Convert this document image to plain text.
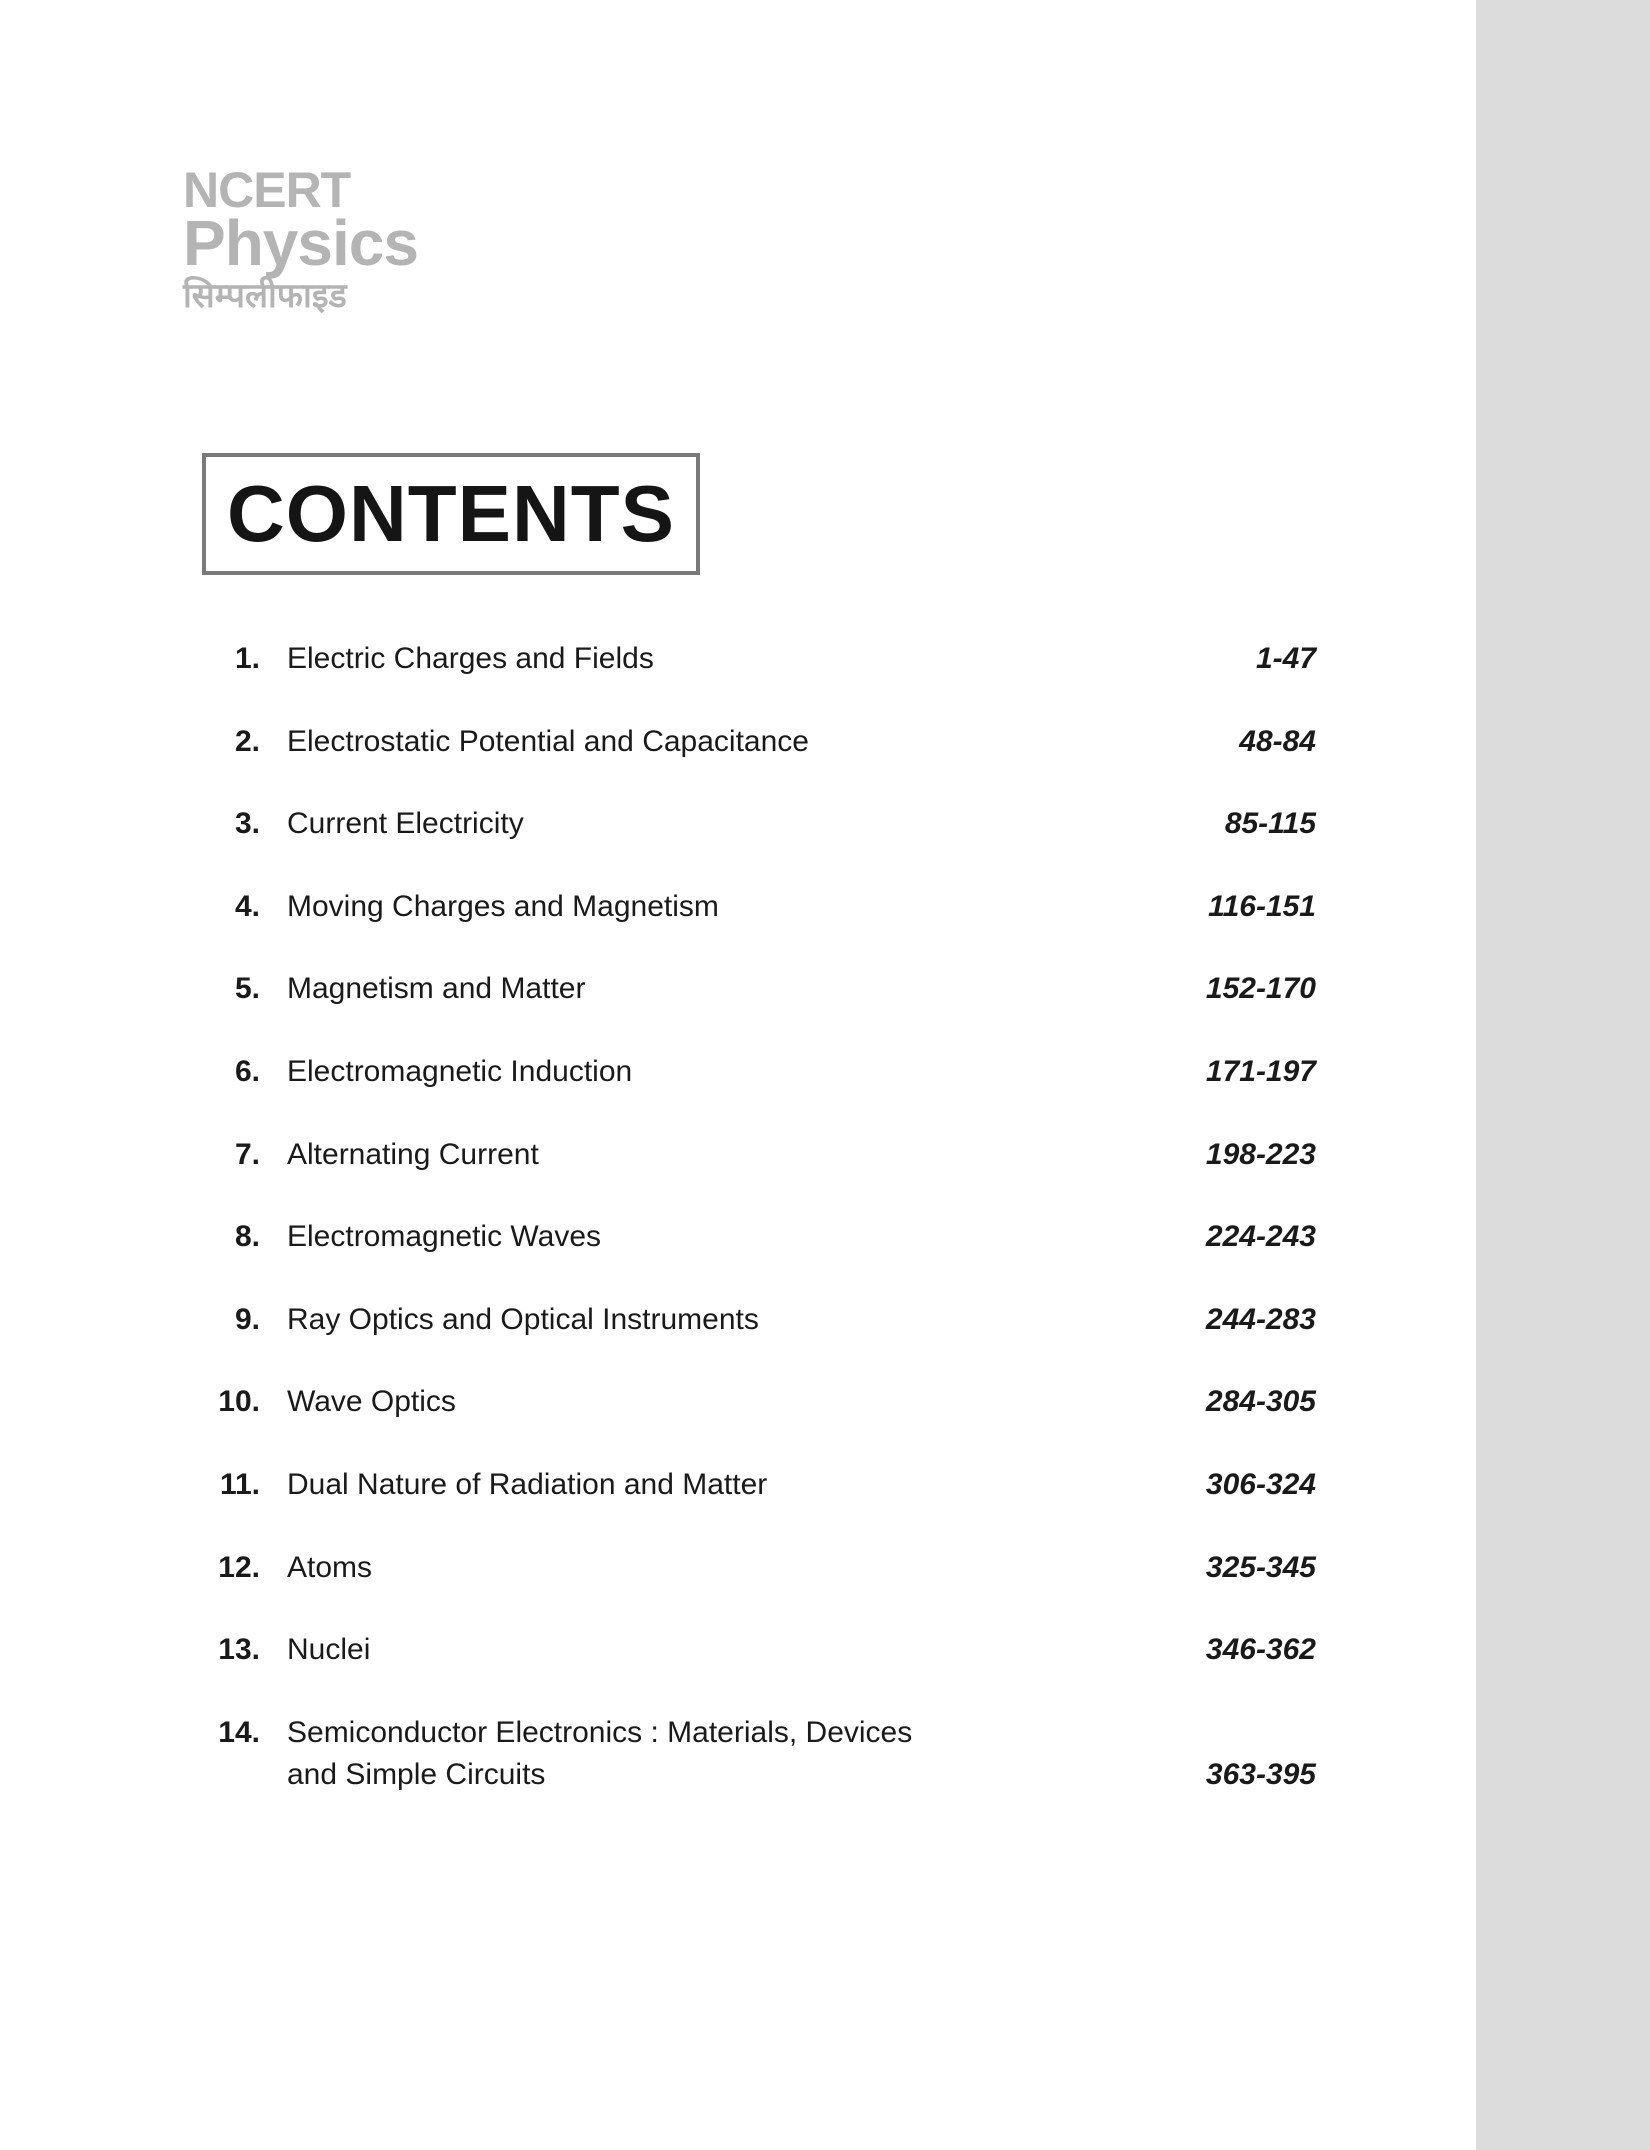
NCERT
Physics
सिम्पलीफाइड
CONTENTS
1. Electric Charges and Fields	1-47
2. Electrostatic Potential and Capacitance	48-84
3. Current Electricity	85-115
4. Moving Charges and Magnetism	116-151
5. Magnetism and Matter	152-170
6. Electromagnetic Induction	171-197
7. Alternating Current	198-223
8. Electromagnetic Waves	224-243
9. Ray Optics and Optical Instruments	244-283
10. Wave Optics	284-305
11. Dual Nature of Radiation and Matter	306-324
12. Atoms	325-345
13. Nuclei	346-362
14. Semiconductor Electronics : Materials, Devices
and Simple Circuits	363-395
